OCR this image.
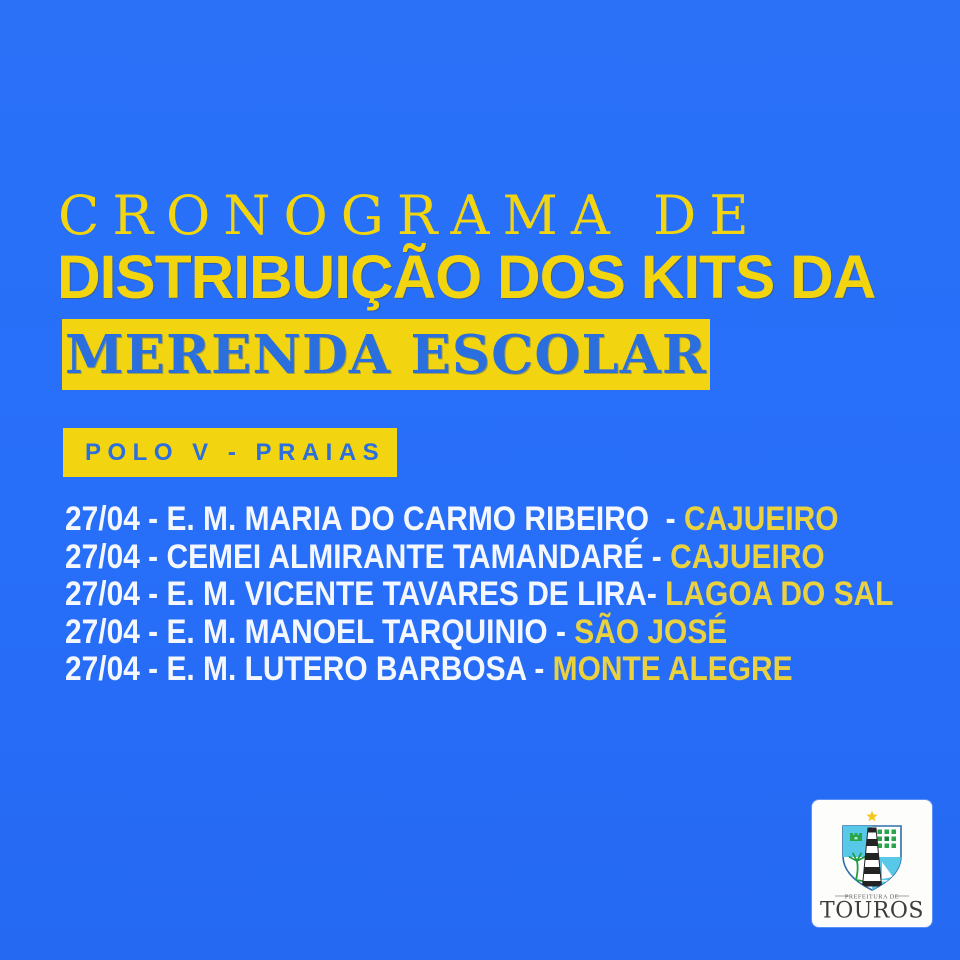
CRONOGRAMA DE
DISTRIBUIÇÃO DOS KITS DA
MERENDA ESCOLAR
POLO V - PRAIAS
27/04 - E. M. MARIA DO CARMO RIBEIRO  - CAJUEIRO
27/04 - CEMEI ALMIRANTE TAMANDARÉ - CAJUEIRO
27/04 - E. M. VICENTE TAVARES DE LIRA- LAGOA DO SAL
27/04 - E. M. MANOEL TARQUINIO - SÃO JOSÉ
27/04 - E. M. LUTERO BARBOSA - MONTE ALEGRE
PREFEITURA DE
TOUROS
